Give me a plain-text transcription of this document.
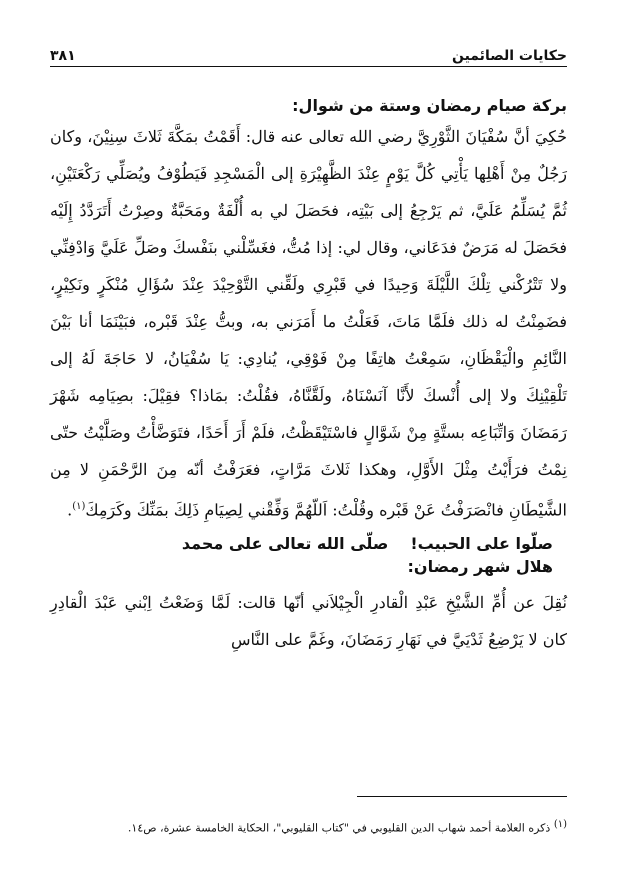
حكايات الصائمين
٣٨١
بركة صيام رمضان وستة من شوال:

حُكِيَ أنَّ سُفْيَانَ الثَّوْرِيَّ رضي الله تعالى عنه قال: أَقَمْتُ بمَكَّةَ ثَلاثَ سِنِيْنَ، وكان رَجُلٌ مِنْ أَهْلِها يَأْتِي كُلَّ يَوْمٍ عِنْدَ الظَّهِيْرَةِ إلى الْمَسْجِدِ فَيَطُوْفُ ويُصَلِّي رَكْعَتَيْنِ، ثُمَّ يُسَلِّمُ عَلَيَّ، ثم يَرْجِعُ إلى بَيْتِه، فحَصَلَ لي به أُلْفَةٌ ومَحَبَّةٌ وصِرْتُ أَتَرَدَّدُ إِلَيْه فحَصَلَ له مَرَضٌ فدَعَاني، وقال لي: إذا مُتُّ، فغَسِّلْني بنَفْسكَ وصَلِّ عَلَيَّ وَادْفِنِّي ولا تَتْرُكْني تِلْكَ اللَّيْلَةَ وَحِيدًا في قَبْرِي ولَقِّني التَّوْحِيْدَ عِنْدَ سُؤَالِ مُنْكَرٍ ونَكِيْرٍ، فضَمِنْتُ له ذلك فلَمَّا مَاتَ، فَعَلْتُ ما أَمَرَني به، وبتُّ عِنْدَ قَبْره، فبَيْنَمَا أنا بَيْنَ النَّائِمِ والْيَقْظَانِ، سَمِعْتُ هاتِفًا مِنْ فَوْقِي، يُنادِي: يَا سُفْيَانُ، لا حَاجَةَ لَهُ إلى تَلْقِيْنِكَ ولا إلى أُنْسكَ لأَنَّا آنَسْنَاهُ، ولَقَّنَّاهُ، فقُلْتُ: بمَاذا؟ فقِيْلَ: بصِيَامِه شَهْرَ رَمَضَانَ وَاتِّبَاعِه بستَّةٍ مِنْ شَوَّالٍ فاسْتَيْقَظْتُ، فلَمْ أَرَ أَحَدًا، فتَوَضَّأْتُ وصَلَّيْتُ حتّى نِمْتُ فرَأَيْتُ مِثْلَ الأَوَّلِ، وهكذا ثَلاثَ مَرَّاتٍ، فعَرَفْتُ أنّه مِنَ الرَّحْمَنِ لا مِن الشَّيْطَانِ فانْصَرَفْتُ عَنْ قَبْره وقُلْتُ: اَللّهُمَّ وَفِّقْني لِصِيَامِ ذَلِكَ بمَنِّكَ وكَرَمِكَ$^{(١)}$.

صلّوا على الحبيب!
صلّى الله تعالى على محمد
هلال شهر رمضان:

نُقِلَ عن أُمِّ الشَّيْخِ عَبْدِ الْقادرِ الْجِيْلاَني أنّها قالت: لَمَّا وَضَعْتُ اِبْني عَبْدَ الْقادِرِ كان لا يَرْضِعُ ثَدْيَيَّ في نَهَارِ رَمَضَانَ، وغَمَّ على النَّاسِ

(١) ذكره العلامة أحمد شهاب الدين القليوبي في "كتاب القليوبي"، الحكاية الخامسة عشرة، ص١٤.
